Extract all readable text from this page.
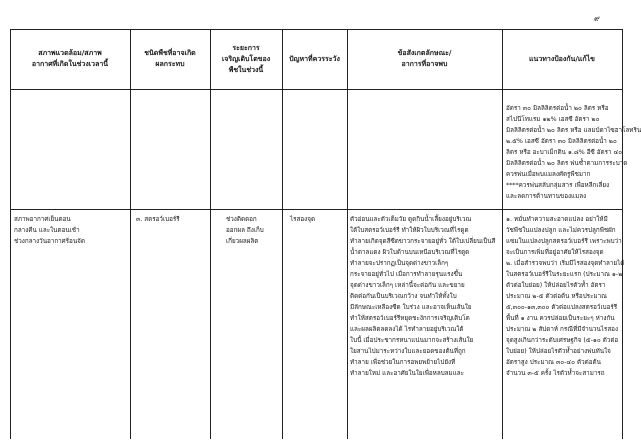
๙
สภาพแวดล้อม/สภาพ
อากาศที่เกิดในช่วงเวลานี้
ชนิดพืชที่อาจเกิด
ผลกระทบ
ระยะการ
เจริญเติบโตของ
พืชในช่วงนี้
ปัญหาที่ควรระวัง
ข้อสังเกตลักษณะ/
อาการที่อาจพบ
แนวทางป้องกัน/แก้ไข
อัตรา ๓๐ มิลลิลิตรต่อน้ำ ๒๐ ลิตร หรือ
สไปนีโทแรม ๑๒% เอสซี อัตรา ๒๐
มิลลิลิตรต่อน้ำ ๒๐ ลิตร หรือ แลมบ์ดาไซฮาโลทริน
๒.๕% เอสซี อัตรา ๓๐ มิลลิลิตรต่อน้ำ ๒๐
ลิตร หรือ อะบาเม็กติน ๑.๘% อีซี อัตรา ๔๐
มิลลิลิตรต่อน้ำ ๒๐ ลิตร พ่นซ้ำตามการระบาด
ควรพ่นเมื่อพบแมลงศัตรูพืชมาก
****ควรพ่นสลับกลุ่มสาร เพื่อหลีกเลี่ยง
และลดการต้านทานของแมลง
สภาพอากาศเย็นตอน
กลางคืน และในตอนเช้า
ช่วงกลางวันอากาศร้อนจัด
๓. สตรอว์เบอร์รี	ช่วงติดดอก
ออกผล ถึงเก็บ
เกี่ยวผลผลิต
ไรสองจุด	ตัวอ่อนและตัวเต็มวัย ดูดกินน้ำเลี้ยงอยู่บริเวณ
ใต้ใบสตรอว์เบอร์รี ทำให้ผิวใบบริเวณที่ไรดูด
ทำลายเกิดจุดสีซีดขาวกระจายอยู่ทั่ว ใต้ใบเปลี่ยนเป็นสี
น้ำตาลแดง ผิวใบด้านบนเหนือบริเวณที่ไรดูด
ทำลายจะปรากฏเป็นจุดด่างขาวเล็กๆ
กระจายอยู่ทั่วไป เมื่อการทำลายรุนแรงขึ้น
จุดด่างขาวเล็กๆ เหล่านี้จะต่อกัน และขยาย
ติดต่อกันเป็นบริเวณกว้าง จนทำให้ทั้งใบ
มีลักษณะเหลืองซีด ใบร่วง และอาจเห็นเส้นใย
ทำให้สตรอว์เบอร์รีหยุดชะงักการเจริญเติบโต
และผลผลิตลดลงได้ ไรทำลายอยู่บริเวณใต้
ใบนี้ เมื่อประชากรหนาแน่นมากจะสร้างเส้นใย
ใยสานไปมาระหว่างใบและยอดของต้นที่ถูก
ทำลาย เพื่อช่วยในการอพยพย้ายไปยังที่
ทำลายใหม่ และอาศัยในใยเพื่อหลบลมและ
๑. หมั่นทำความสะอาดแปลง อย่าให้มี
วัชพืชในแปลงปลูก และไม่ควรปลูกพืชผัก
แซมในแปลงปลูกสตรอว์เบอร์รี เพราะพบว่า
จะเป็นการเพิ่มที่อยู่อาศัยให้ไรสองจุด
๒. เมื่อสำรวจพบว่า เริ่มมีไรสองจุดทำลายได้
ในสตรอว์เบอร์รีในระยะแรก (ประมาณ ๑-๒
ตัวต่อใบย่อย) ให้ปล่อยไรตัวห้ำ อัตรา
ประมาณ ๒-๕ ตัวต่อต้น หรือประมาณ
๕,๓๐๐-๑๓,๓๐๐ ตัวต่อแปลงสตรอว์เบอร์รี
พื้นที่ ๑ งาน ควรปล่อยเป็นระยะๆ ห่างกัน
ประมาณ ๒ สัปดาห์ กรณีที่มีจำนวนไรสอง
จุดสูงเกินกว่าระดับเศรษฐกิจ (๕-๑๐ ตัวต่อ
ใบย่อย) ให้ปล่อยไรตัวห้ำอย่างพ่นทันใจ
อัตราสูง ประมาณ ๓๐-๔๐ ตัวต่อต้น
จำนวน ๓-๕ ครั้ง ไรตัวห้ำจะสามารถ
